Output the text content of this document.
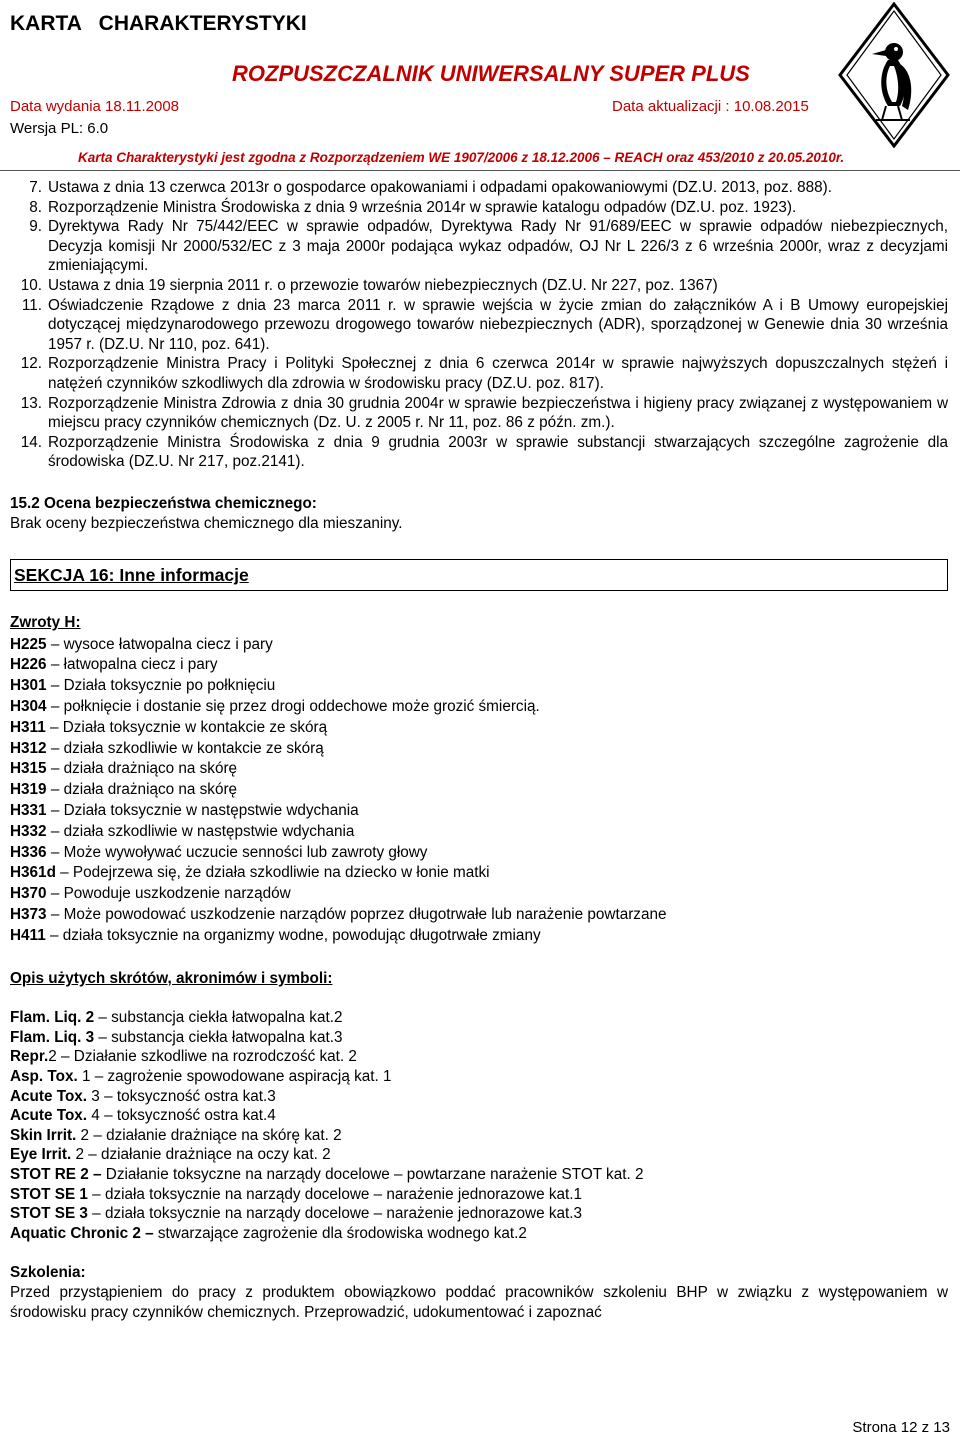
KARTA   CHARAKTERYSTYKI
ROZPUSZCZALNIK UNIWERSALNY SUPER PLUS
Data wydania 18.11.2008	Data aktualizacji : 10.08.2015
Wersja PL: 6.0
Karta Charakterystyki jest zgodna z Rozporządzeniem WE 1907/2006 z 18.12.2006 – REACH oraz 453/2010 z 20.05.2010r.
7. Ustawa z dnia 13 czerwca 2013r o gospodarce opakowaniami i odpadami opakowaniowymi (DZ.U. 2013, poz. 888).
8. Rozporządzenie Ministra Środowiska z dnia 9 września 2014r w sprawie katalogu odpadów (DZ.U. poz. 1923).
9. Dyrektywa Rady Nr 75/442/EEC w sprawie odpadów, Dyrektywa Rady Nr 91/689/EEC w sprawie odpadów niebezpiecznych, Decyzja komisji Nr 2000/532/EC z 3 maja 2000r podająca wykaz odpadów, OJ Nr L 226/3 z 6 września 2000r, wraz z decyzjami zmieniającymi.
10. Ustawa z dnia 19 sierpnia 2011 r. o przewozie towarów niebezpiecznych (DZ.U. Nr 227, poz. 1367)
11. Oświadczenie Rządowe z dnia 23 marca 2011 r. w sprawie wejścia w życie zmian do załączników A i B Umowy europejskiej dotyczącej międzynarodowego przewozu drogowego towarów niebezpiecznych (ADR), sporządzonej w Genewie dnia 30 września 1957 r. (DZ.U. Nr 110, poz. 641).
12. Rozporządzenie Ministra Pracy i Polityki Społecznej z dnia 6 czerwca 2014r w sprawie najwyższych dopuszczalnych stężeń i natężeń czynników szkodliwych dla zdrowia w środowisku pracy (DZ.U. poz. 817).
13. Rozporządzenie Ministra Zdrowia z dnia 30 grudnia 2004r w sprawie bezpieczeństwa i higieny pracy związanej z występowaniem w miejscu pracy czynników chemicznych (Dz. U. z 2005 r. Nr 11, poz. 86 z późn. zm.).
14. Rozporządzenie Ministra Środowiska z dnia 9 grudnia 2003r w sprawie substancji stwarzających szczególne zagrożenie dla środowiska (DZ.U. Nr 217, poz.2141).
15.2 Ocena bezpieczeństwa chemicznego:
Brak oceny bezpieczeństwa chemicznego dla mieszaniny.
SEKCJA 16: Inne informacje
Zwroty H:
H225 – wysoce łatwopalna ciecz i pary
H226 – łatwopalna ciecz i pary
H301 – Działa toksycznie po połknięciu
H304 – połknięcie i dostanie się przez drogi oddechowe może grozić śmiercią.
H311 – Działa toksycznie w kontakcie ze skórą
H312 – działa szkodliwie w kontakcie ze skórą
H315 – działa drażniąco na skórę
H319 – działa drażniąco na skórę
H331 – Działa toksycznie w następstwie wdychania
H332 – działa szkodliwie w następstwie wdychania
H336 – Może wywoływać uczucie senności lub zawroty głowy
H361d – Podejrzewa się, że działa szkodliwie na dziecko w łonie matki
H370 – Powoduje uszkodzenie narządów
H373 – Może powodować uszkodzenie narządów poprzez długotrwałe lub narażenie powtarzane
H411 – działa toksycznie na organizmy wodne, powodując długotrwałe zmiany
Opis użytych skrótów, akronimów i symboli:
Flam. Liq. 2 – substancja ciekła łatwopalna kat.2
Flam. Liq. 3 – substancja ciekła łatwopalna kat.3
Repr.2 – Działanie szkodliwe na rozrodczość kat. 2
Asp. Tox. 1 – zagrożenie spowodowane aspiracją kat. 1
Acute Tox. 3 – toksyczność ostra kat.3
Acute Tox. 4 – toksyczność ostra kat.4
Skin Irrit. 2 – działanie drażniące na skórę kat. 2
Eye Irrit. 2 – działanie drażniące na oczy kat. 2
STOT RE 2 – Działanie toksyczne na narządy docelowe – powtarzane narażenie STOT kat. 2
STOT SE 1 – działa toksycznie na narządy docelowe – narażenie jednorazowe kat.1
STOT SE 3 – działa toksycznie na narządy docelowe – narażenie jednorazowe kat.3
Aquatic Chronic 2 – stwarzające zagrożenie dla środowiska wodnego kat.2
Szkolenia:
Przed przystąpieniem do pracy z produktem obowiązkowo poddać pracowników szkoleniu BHP w związku z występowaniem w środowisku pracy czynników chemicznych. Przeprowadzić, udokumentować i zapoznać
Strona 12 z 13
